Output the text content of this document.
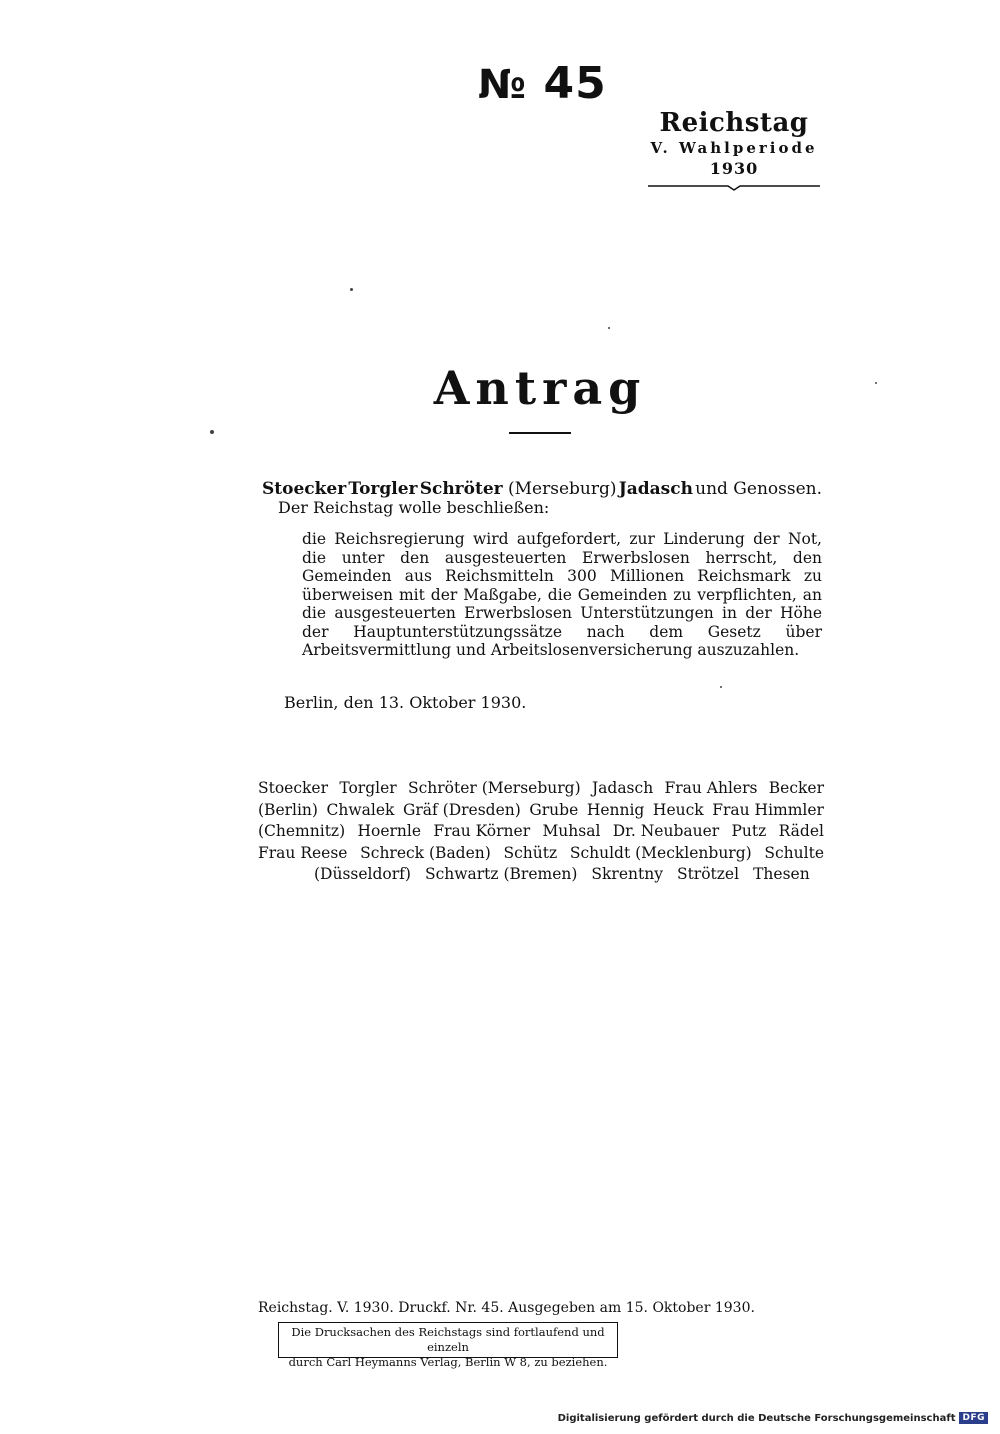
№ 45
Reichstag
V. Wahlperiode
1930
Antrag
Stoecker Torgler Schröter (Merseburg) Jadasch und Genossen.
Der Reichstag wolle beschließen:
die Reichsregierung wird aufgefordert, zur Linderung der Not, die unter den ausgesteuerten Erwerbslosen herrscht, den Gemeinden aus Reichsmitteln 300 Millionen Reichsmark zu überweisen mit der Maßgabe, die Gemeinden zu verpflichten, an die ausgesteuerten Erwerbslosen Unterstützungen in der Höhe der Hauptunterstützungssätze nach dem Gesetz über Arbeitsvermittlung und Arbeitslosenversicherung auszuzahlen.
Berlin, den 13. Oktober 1930.
Stoecker Torgler Schröter (Merseburg) Jadasch Frau Ahlers Becker
(Berlin) Chwalek Gräf (Dresden) Grube Hennig Heuck Frau Himmler
(Chemnitz) Hoernle Frau Körner Muhsal Dr. Neubauer Putz Rädel
Frau Reese Schreck (Baden) Schütz Schuldt (Mecklenburg) Schulte
(Düsseldorf) Schwartz (Bremen) Skrentny Strötzel Thesen
Reichstag. V. 1930. Druckf. Nr. 45. Ausgegeben am 15. Oktober 1930.
Die Drucksachen des Reichstags sind fortlaufend und einzeln
durch Carl Heymanns Verlag, Berlin W 8, zu beziehen.
Digitalisierung gefördert durch die Deutsche Forschungsgemeinschaft DFG
